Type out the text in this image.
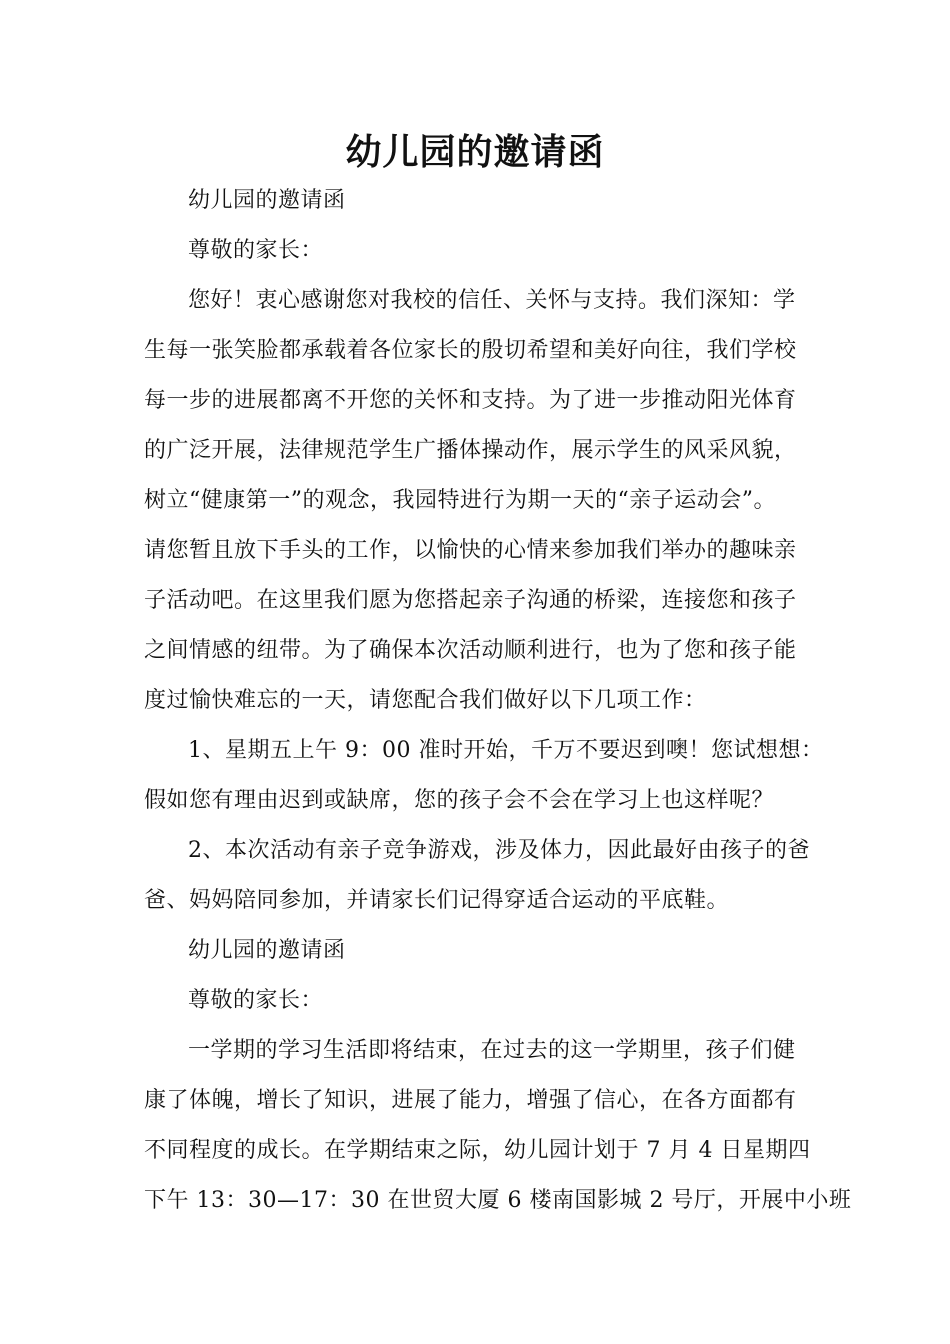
幼儿园的邀请函

幼儿园的邀请函

尊敬的家长：

您好！衷心感谢您对我校的信任、关怀与支持。我们深知：学
生每一张笑脸都承载着各位家长的殷切希望和美好向往，我们学校
每一步的进展都离不开您的关怀和支持。为了进一步推动阳光体育
的广泛开展，法律规范学生广播体操动作，展示学生的风采风貌，
树立“健康第一”的观念，我园特进行为期一天的“亲子运动会”。
请您暂且放下手头的工作，以愉快的心情来参加我们举办的趣味亲
子活动吧。在这里我们愿为您搭起亲子沟通的桥梁，连接您和孩子
之间情感的纽带。为了确保本次活动顺利进行，也为了您和孩子能
度过愉快难忘的一天，请您配合我们做好以下几项工作：

1、星期五上午 9：00 准时开始，千万不要迟到噢！您试想想：
假如您有理由迟到或缺席，您的孩子会不会在学习上也这样呢？

2、本次活动有亲子竞争游戏，涉及体力，因此最好由孩子的爸
爸、妈妈陪同参加，并请家长们记得穿适合运动的平底鞋。

幼儿园的邀请函

尊敬的家长：

一学期的学习生活即将结束，在过去的这一学期里，孩子们健
康了体魄，增长了知识，进展了能力，增强了信心，在各方面都有
不同程度的成长。在学期结束之际，幼儿园计划于 7 月 4 日星期四
下午 13：30—17：30 在世贸大厦 6 楼南国影城 2 号厅，开展中小班
